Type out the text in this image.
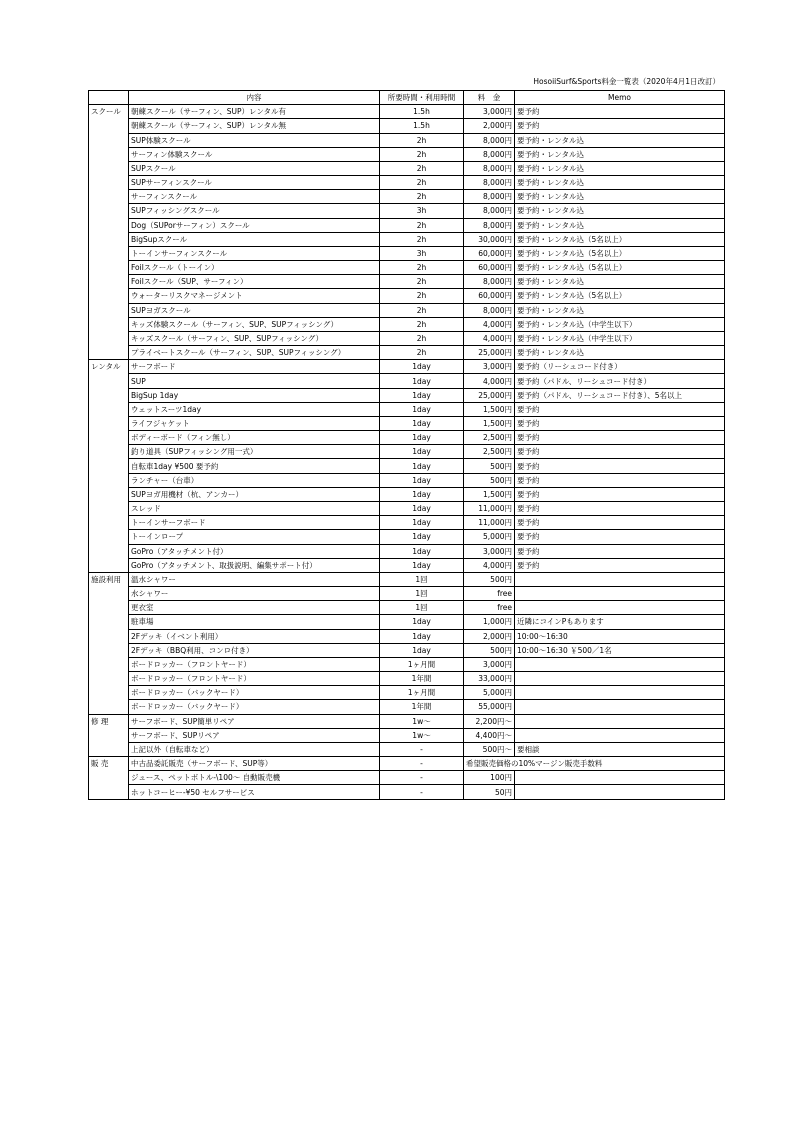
HosoiiSurf&Sports料金一覧表（2020年4月1日改訂）
	内容	所要時間・利用時間	料　金	Memo
スクール	朝練スクール（サーフィン、SUP）レンタル有	1.5h	3,000円	要予約
	朝練スクール（サーフィン、SUP）レンタル無	1.5h	2,000円	要予約
	SUP体験スクール	2h	8,000円	要予約・レンタル込
	サーフィン体験スクール	2h	8,000円	要予約・レンタル込
	SUPスクール	2h	8,000円	要予約・レンタル込
	SUPサーフィンスクール	2h	8,000円	要予約・レンタル込
	サーフィンスクール	2h	8,000円	要予約・レンタル込
	SUPフィッシングスクール	3h	8,000円	要予約・レンタル込
	Dog（SUPorサーフィン）スクール	2h	8,000円	要予約・レンタル込
	BigSupスクール	2h	30,000円	要予約・レンタル込（5名以上）
	トーインサーフィンスクール	3h	60,000円	要予約・レンタル込（5名以上）
	Foilスクール（トーイン）	2h	60,000円	要予約・レンタル込（5名以上）
	Foilスクール（SUP、サーフィン）	2h	8,000円	要予約・レンタル込
	ウォーターリスクマネージメント	2h	60,000円	要予約・レンタル込（5名以上）
	SUPヨガスクール	2h	8,000円	要予約・レンタル込
	キッズ体験スクール（サーフィン、SUP、SUPフィッシング）	2h	4,000円	要予約・レンタル込（中学生以下）
	キッズスクール（サーフィン、SUP、SUPフィッシング）	2h	4,000円	要予約・レンタル込（中学生以下）
	プライベートスクール（サーフィン、SUP、SUPフィッシング）	2h	25,000円	要予約・レンタル込
レンタル	サーフボード	1day	3,000円	要予約（リーシュコード付き）
	SUP	1day	4,000円	要予約（パドル、リーシュコード付き）
	BigSup 1day	1day	25,000円	要予約（パドル、リーシュコード付き）、5名以上
	ウェットスーツ1day	1day	1,500円	要予約
	ライフジャケット	1day	1,500円	要予約
	ボディーボード（フィン無し）	1day	2,500円	要予約
	釣り道具（SUPフィッシング用一式）	1day	2,500円	要予約
	自転車1day ¥500 要予約	1day	500円	要予約
	ランチャー（台車）	1day	500円	要予約
	SUPヨガ用機材（杭、アンカー）	1day	1,500円	要予約
	スレッド	1day	11,000円	要予約
	トーインサーフボード	1day	11,000円	要予約
	トーインロープ	1day	5,000円	要予約
	GoPro（アタッチメント付）	1day	3,000円	要予約
	GoPro（アタッチメント、取扱説明、編集サポート付）	1day	4,000円	要予約
施設利用	温水シャワー	1回	500円	
	水シャワー	1回	free	
	更衣室	1回	free	
	駐車場	1day	1,000円	近隣にコインPもあります
	2Fデッキ（イベント利用）	1day	2,000円	10:00〜16:30
	2Fデッキ（BBQ利用、コンロ付き）	1day	500円	10:00〜16:30 ￥500／1名
	ボードロッカー（フロントヤード）	1ヶ月間	3,000円	
	ボードロッカー（フロントヤード）	1年間	33,000円	
	ボードロッカー（バックヤード）	1ヶ月間	5,000円	
	ボードロッカー（バックヤード）	1年間	55,000円	
修 理	サーフボード、SUP簡単リペア	1w〜	2,200円〜	
	サーフボード、SUPリペア	1w〜	4,400円〜	
	上記以外（自転車など）	-	500円〜	要相談
販 売	中古品委託販売（サーフボード、SUP等）	-	希望販売価格の10%マージン販売手数料	
	ジュース、ペットボトル-\100〜 自動販売機	-	100円	
	ホットコーヒー-¥50 セルフサービス	-	50円	
